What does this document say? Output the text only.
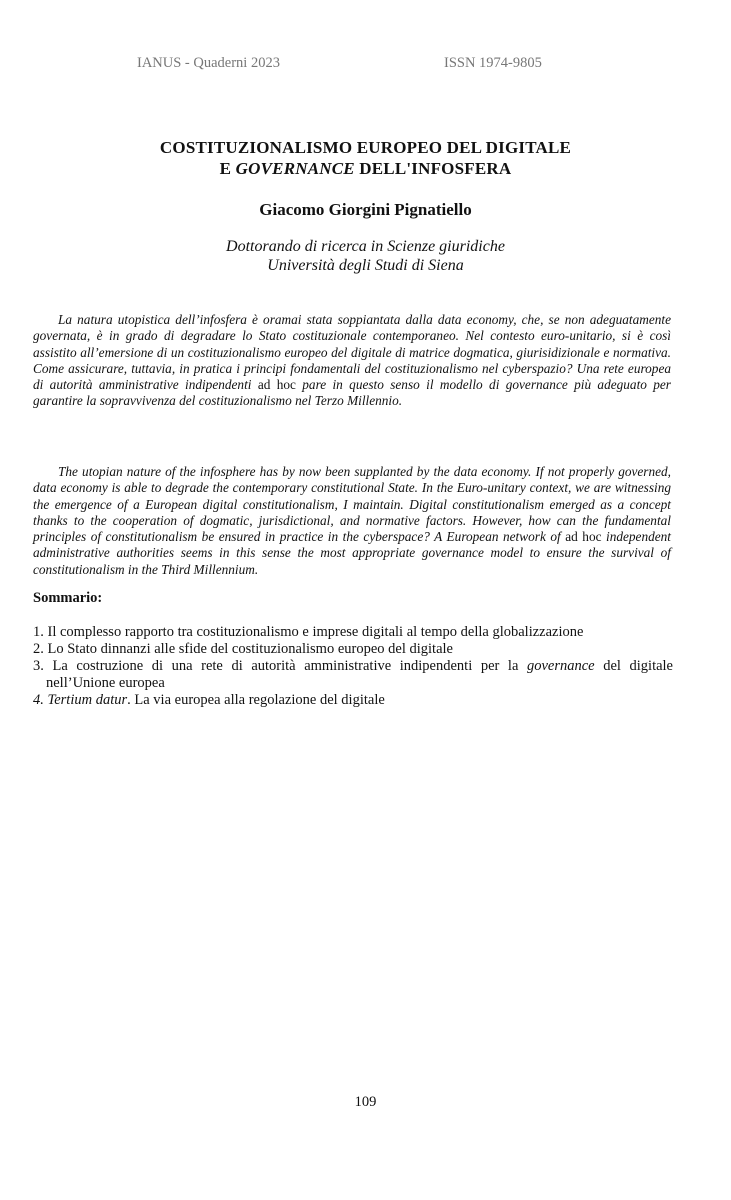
IANUS - Quaderni 2023	ISSN 1974-9805
COSTITUZIONALISMO EUROPEO DEL DIGITALE
E GOVERNANCE DELL'INFOSFERA
Giacomo Giorgini Pignatiello
Dottorando di ricerca in Scienze giuridiche
Università degli Studi di Siena

La natura utopistica dell’infosfera è oramai stata soppiantata dalla data economy, che, se non adeguatamente governata, è in grado di degradare lo Stato costituzionale contemporaneo. Nel contesto euro-unitario, si è così assistito all’emersione di un costituzionalismo europeo del digitale di matrice dogmatica, giurisidizionale e normativa. Come assicurare, tuttavia, in pratica i principi fondamentali del costituzionalismo nel cyberspazio? Una rete europea di autorità amministrative indipendenti ad hoc pare in questo senso il modello di governance più adeguato per garantire la sopravvivenza del costituzionalismo nel Terzo Millennio.

The utopian nature of the infosphere has by now been supplanted by the data economy. If not properly governed, data economy is able to degrade the contemporary constitutional State. In the Euro-unitary context, we are witnessing the emergence of a European digital constitutionalism, I maintain. Digital constitutionalism emerged as a concept thanks to the cooperation of dogmatic, jurisdictional, and normative factors. However, how can the fundamental principles of constitutionalism be ensured in practice in the cyberspace? A European network of ad hoc independent administrative authorities seems in this sense the most appropriate governance model to ensure the survival of constitutionalism in the Third Millennium.

Sommario:

1. Il complesso rapporto tra costituzionalismo e imprese digitali al tempo della globalizzazione
2. Lo Stato dinnanzi alle sfide del costituzionalismo europeo del digitale
3. La costruzione di una rete di autorità amministrative indipendenti per la governance del digitale
nell’Unione europea
4. Tertium datur. La via europea alla regolazione del digitale
109
